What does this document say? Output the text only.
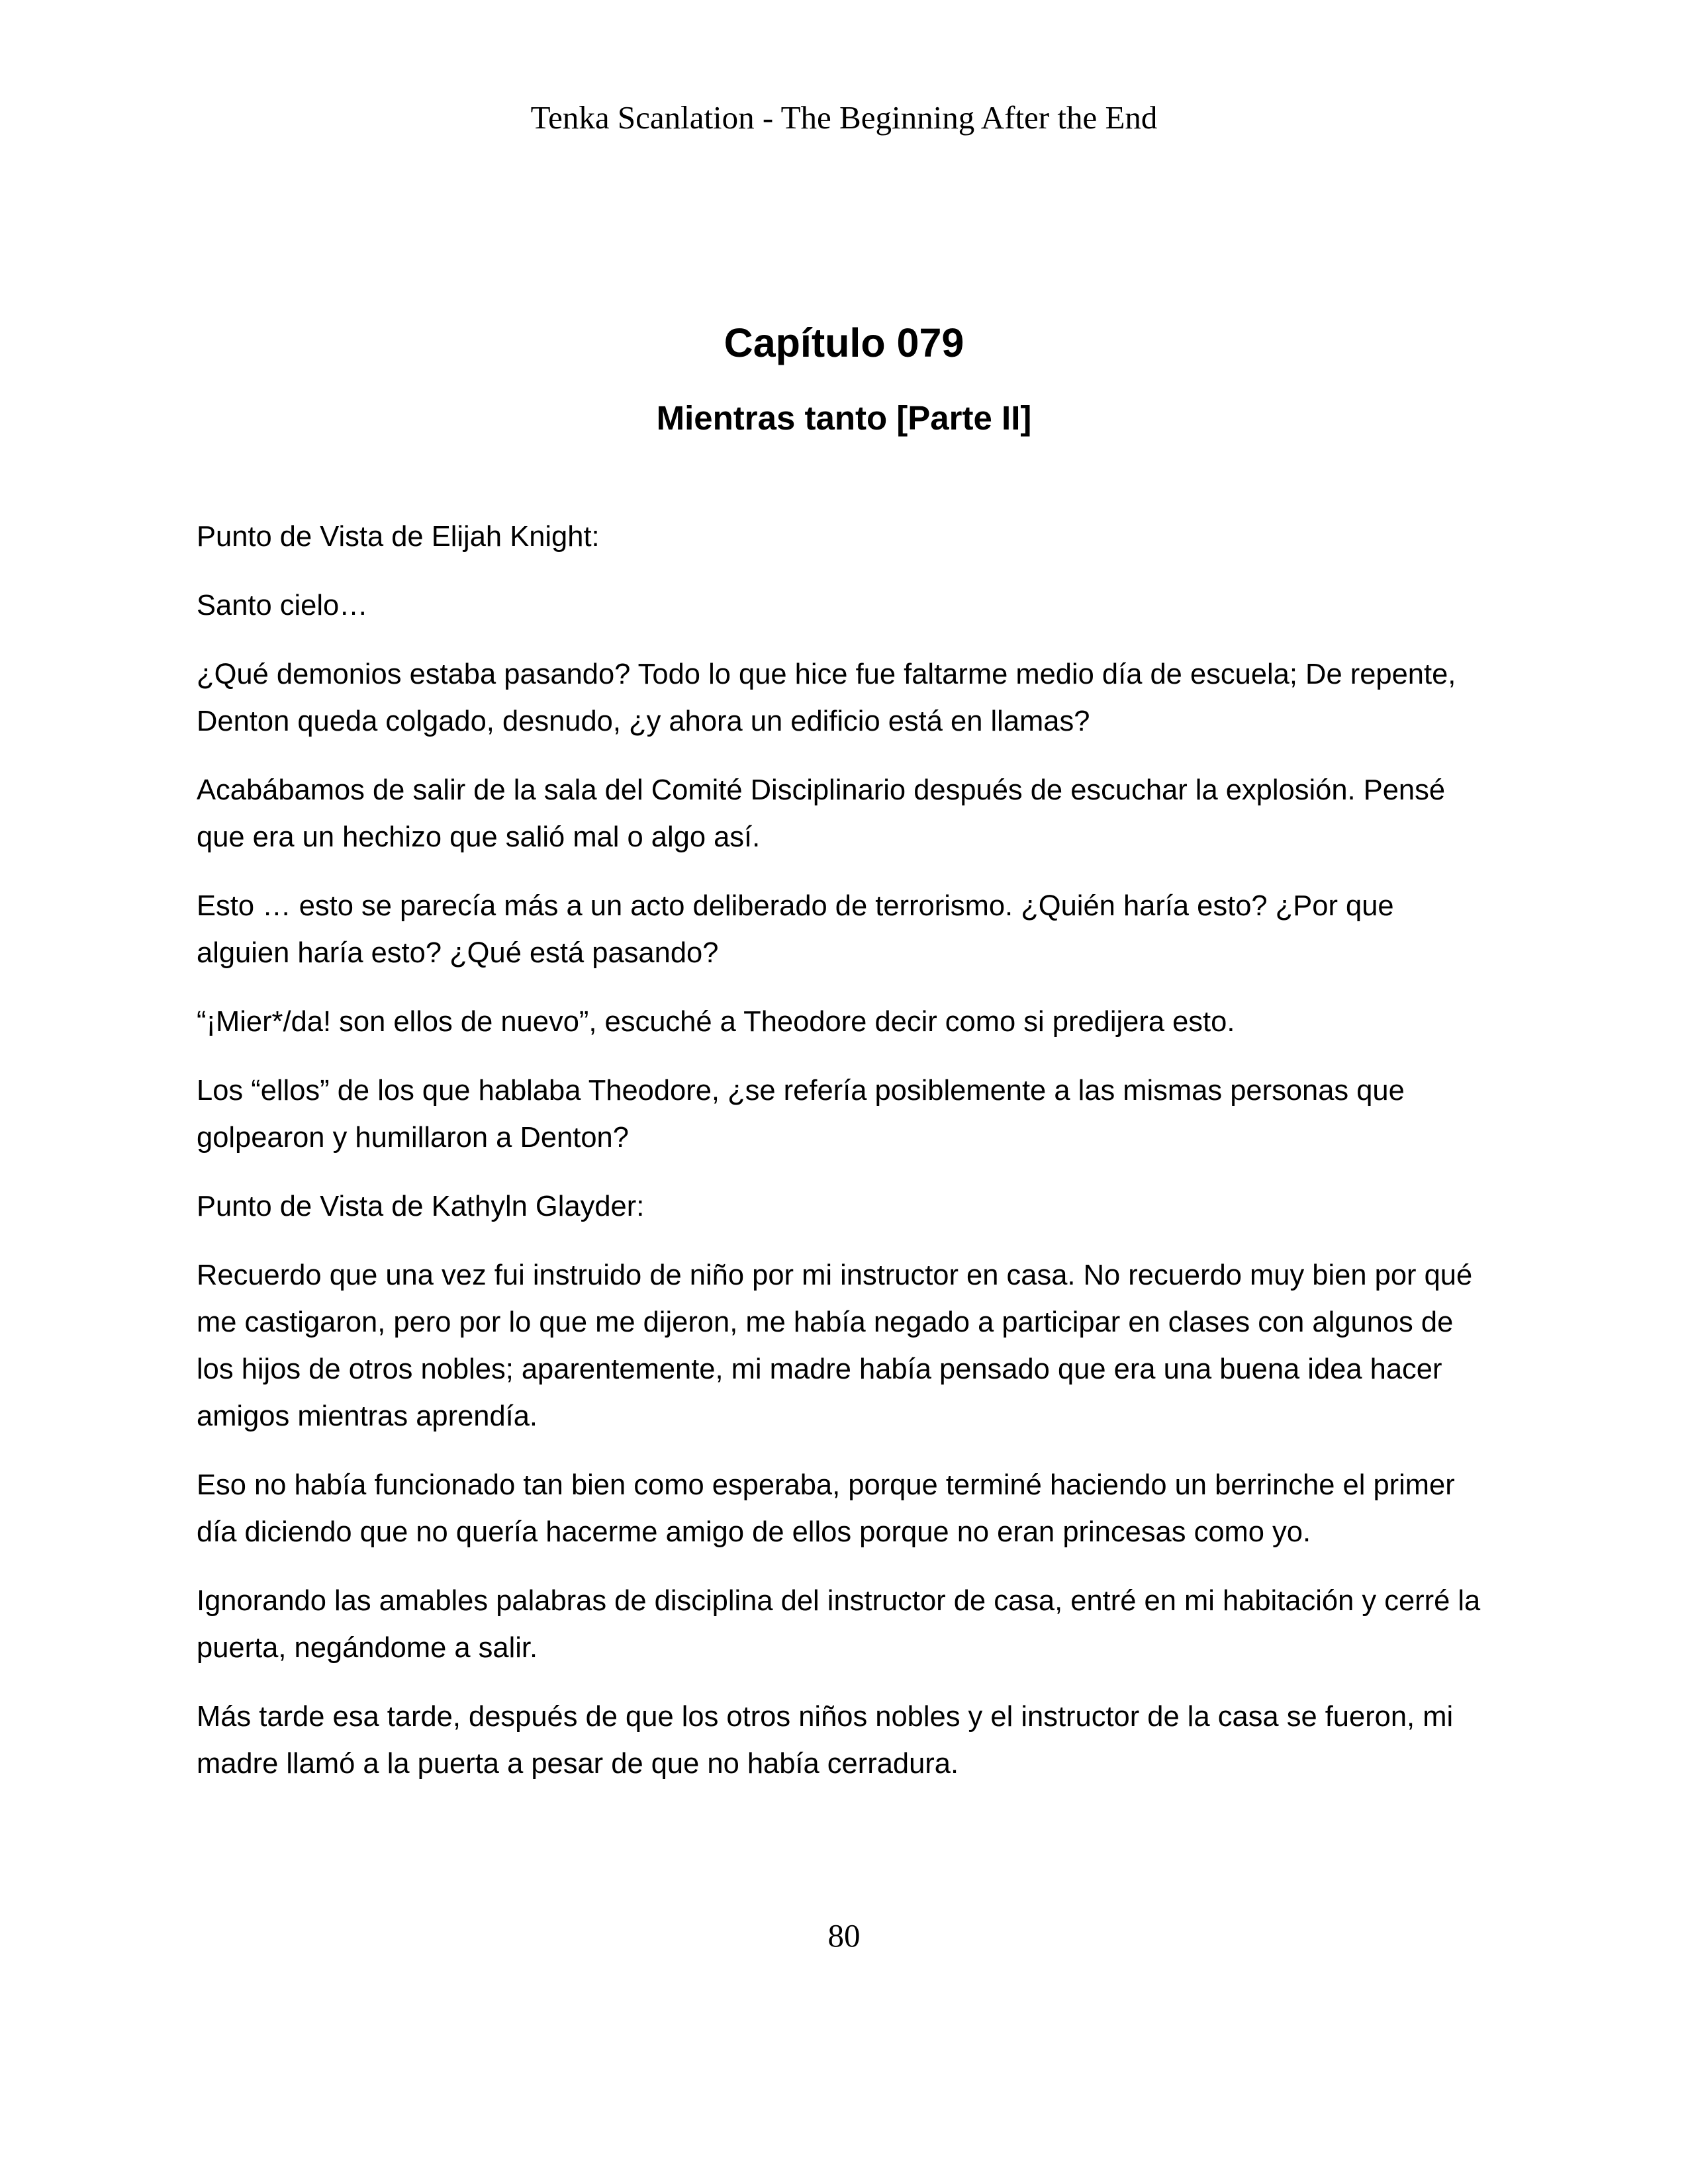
Tenka Scanlation - The Beginning After the End
Capítulo 079
Mientras tanto [Parte II]

Punto de Vista de Elijah Knight:

Santo cielo…

¿Qué demonios estaba pasando? Todo lo que hice fue faltarme medio día de escuela; De repente, Denton queda colgado, desnudo, ¿y ahora un edificio está en llamas?

Acabábamos de salir de la sala del Comité Disciplinario después de escuchar la explosión. Pensé que era un hechizo que salió mal o algo así.

Esto … esto se parecía más a un acto deliberado de terrorismo. ¿Quién haría esto? ¿Por que alguien haría esto? ¿Qué está pasando?

“¡Mier*/da! son ellos de nuevo”, escuché a Theodore decir como si predijera esto.

Los “ellos” de los que hablaba Theodore, ¿se refería posiblemente a las mismas personas que golpearon y humillaron a Denton?

Punto de Vista de Kathyln Glayder:

Recuerdo que una vez fui instruido de niño por mi instructor en casa. No recuerdo muy bien por qué me castigaron, pero por lo que me dijeron, me había negado a participar en clases con algunos de los hijos de otros nobles; aparentemente, mi madre había pensado que era una buena idea hacer amigos mientras aprendía.

Eso no había funcionado tan bien como esperaba, porque terminé haciendo un berrinche el primer día diciendo que no quería hacerme amigo de ellos porque no eran princesas como yo.

Ignorando las amables palabras de disciplina del instructor de casa, entré en mi habitación y cerré la puerta, negándome a salir.

Más tarde esa tarde, después de que los otros niños nobles y el instructor de la casa se fueron, mi madre llamó a la puerta a pesar de que no había cerradura.

80
